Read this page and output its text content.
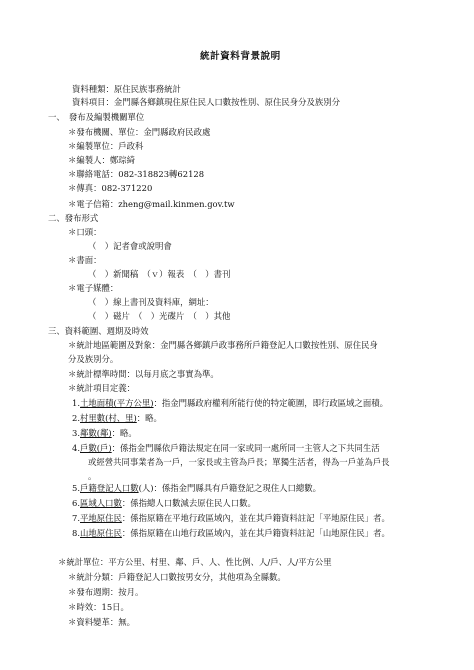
統計資料背景說明
資料種類：原住民族事務統計
資料項目：金門縣各鄉鎮現住原住民人口數按性別、原住民身分及族別分
一、　發布及編製機關單位
＊發布機關、單位：金門縣政府民政處
＊編製單位：戶政科
＊編製人：鄭琮綺
＊聯絡電話：082-318823轉62128
＊傳真：082-371220
＊電子信箱：zheng@mail.kinmen.gov.tw
二、發布形式
＊口頭：
（　）記者會或說明會
＊書面：
（　）新聞稿　（ｖ）報表　（　）書刊
＊電子媒體：
（　）線上書刊及資料庫，網址：
（　）磁片　（　）光碟片　（　）其他
三、資料範圍、週期及時效
＊統計地區範圍及對象：金門縣各鄉鎮戶政事務所戶籍登記人口數按性別、原住民身
分及族別分。
＊統計標準時間：以每月底之事實為準。
＊統計項目定義：
1.土地面積(平方公里)：指金門縣政府權利所能行使的特定範圍，即行政區域之面積。
2.村里數(村、里)：略。
3.鄰數(鄰)：略。
4.戶數(戶)：係指金門縣依戶籍法規定在同一家或同一處所同一主管人之下共同生活
或經營共同事業者為一戶，一家長或主管為戶長；單獨生活者，得為一戶並為戶長
。
5.戶籍登記人口數(人)：係指金門縣具有戶籍登記之現住人口總數。
6.區域人口數：係指總人口數減去原住民人口數。
7.平地原住民：係指原籍在平地行政區域內，並在其戶籍資料註記「平地原住民」者。
8.山地原住民：係指原籍在山地行政區域內，並在其戶籍資料註記「山地原住民」者。
＊統計單位：平方公里、村里、鄰、戶、人、性比例、人/戶、人/平方公里
＊統計分類：戶籍登記人口數按男女分，其他項為全縣數。
＊發布週期：按月。
＊時效：15日。
＊資料變革：無。
